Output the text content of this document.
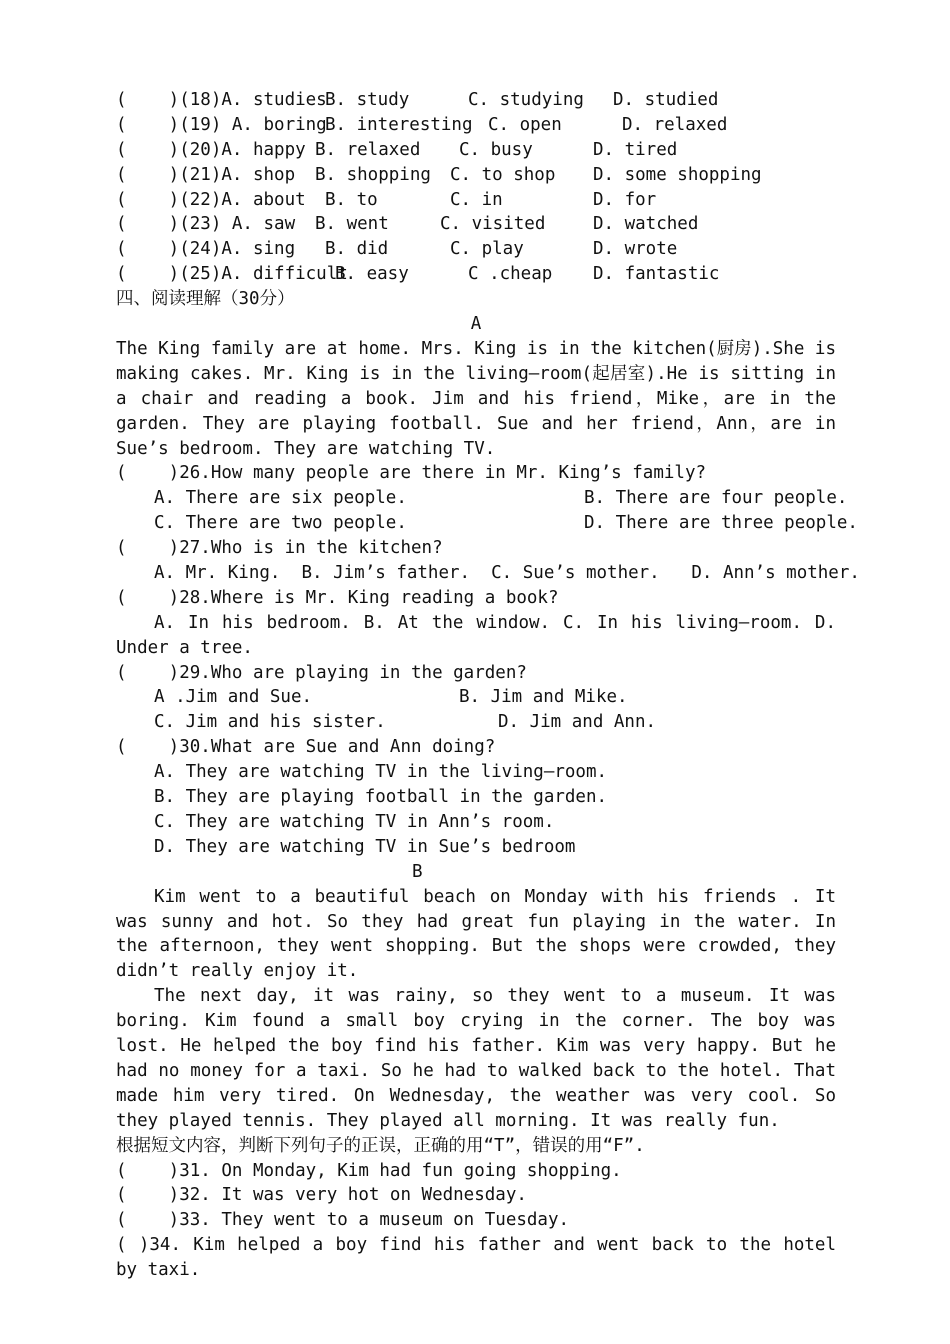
(    )(18)A. studies
B. study	C. studying D. studied
(    )(19) A. boring
B. interesting C. open	D. relaxed
(    )(20)A. happy B. relaxed C. busy	D. tired
(    )(21)A. shop B. shopping C. to shop D. some shopping
(    )(22)A. about B. to	C. in	D. for
(    )(23) A. saw B. went	C. visited	D. watched
(    )(24)A. sing B. did	C. play	D. wrote
(    )(25)A. difficult
B. easy	C .cheap D. fantastic
四、阅读理解（30分）
A
The King family are at home. Mrs. King is in the kitchen(厨房).She is making cakes. Mr. King is in the living—room(起居室).He is sitting in a chair and reading a book. Jim and his friend，Mike，are in the garden. They are playing football. Sue and her friend，Ann，are in Sue’s bedroom. They are watching TV.
(    )26.How many people are there in Mr. King’s family?
A. There are six people.	B. There are four people.
C. There are two people.	D. There are three people.
(    )27.Who is in the kitchen?
A. Mr. King.  B. Jim’s father.  C. Sue’s mother.   D. Ann’s mother.
(    )28.Where is Mr. King reading a book?
A. In his bedroom. B. At the window. C. In his living—room. D. Under a tree.
(    )29.Who are playing in the garden?
A .Jim and Sue.	B. Jim and Mike.
C. Jim and his sister.	D. Jim and Ann.
(    )30.What are Sue and Ann doing?
A. They are watching TV in the living—room.
B. They are playing football in the garden.
C. They are watching TV in Ann’s room.
D. They are watching TV in Sue’s bedroom
B
Kim went to a beautiful beach on Monday with his friends . It was sunny and hot. So they had great fun playing in the water. In the afternoon, they went shopping. But the shops were crowded, they didn’t really enjoy it.
The next day, it was rainy, so they went to a museum. It was boring. Kim found a small boy crying in the corner. The boy was lost. He helped the boy find his father. Kim was very happy. But he had no money for a taxi. So he had to walked back to the hotel. That made him very tired. On Wednesday, the weather was very cool. So they played tennis. They played all morning. It was really fun.
根据短文内容，判断下列句子的正误，正确的用“T”，错误的用“F”.
(    )31. On Monday, Kim had fun going shopping.
(    )32. It was very hot on Wednesday.
(    )33. They went to a museum on Tuesday.
( )34. Kim helped a boy find his father and went back to the hotel by taxi.
